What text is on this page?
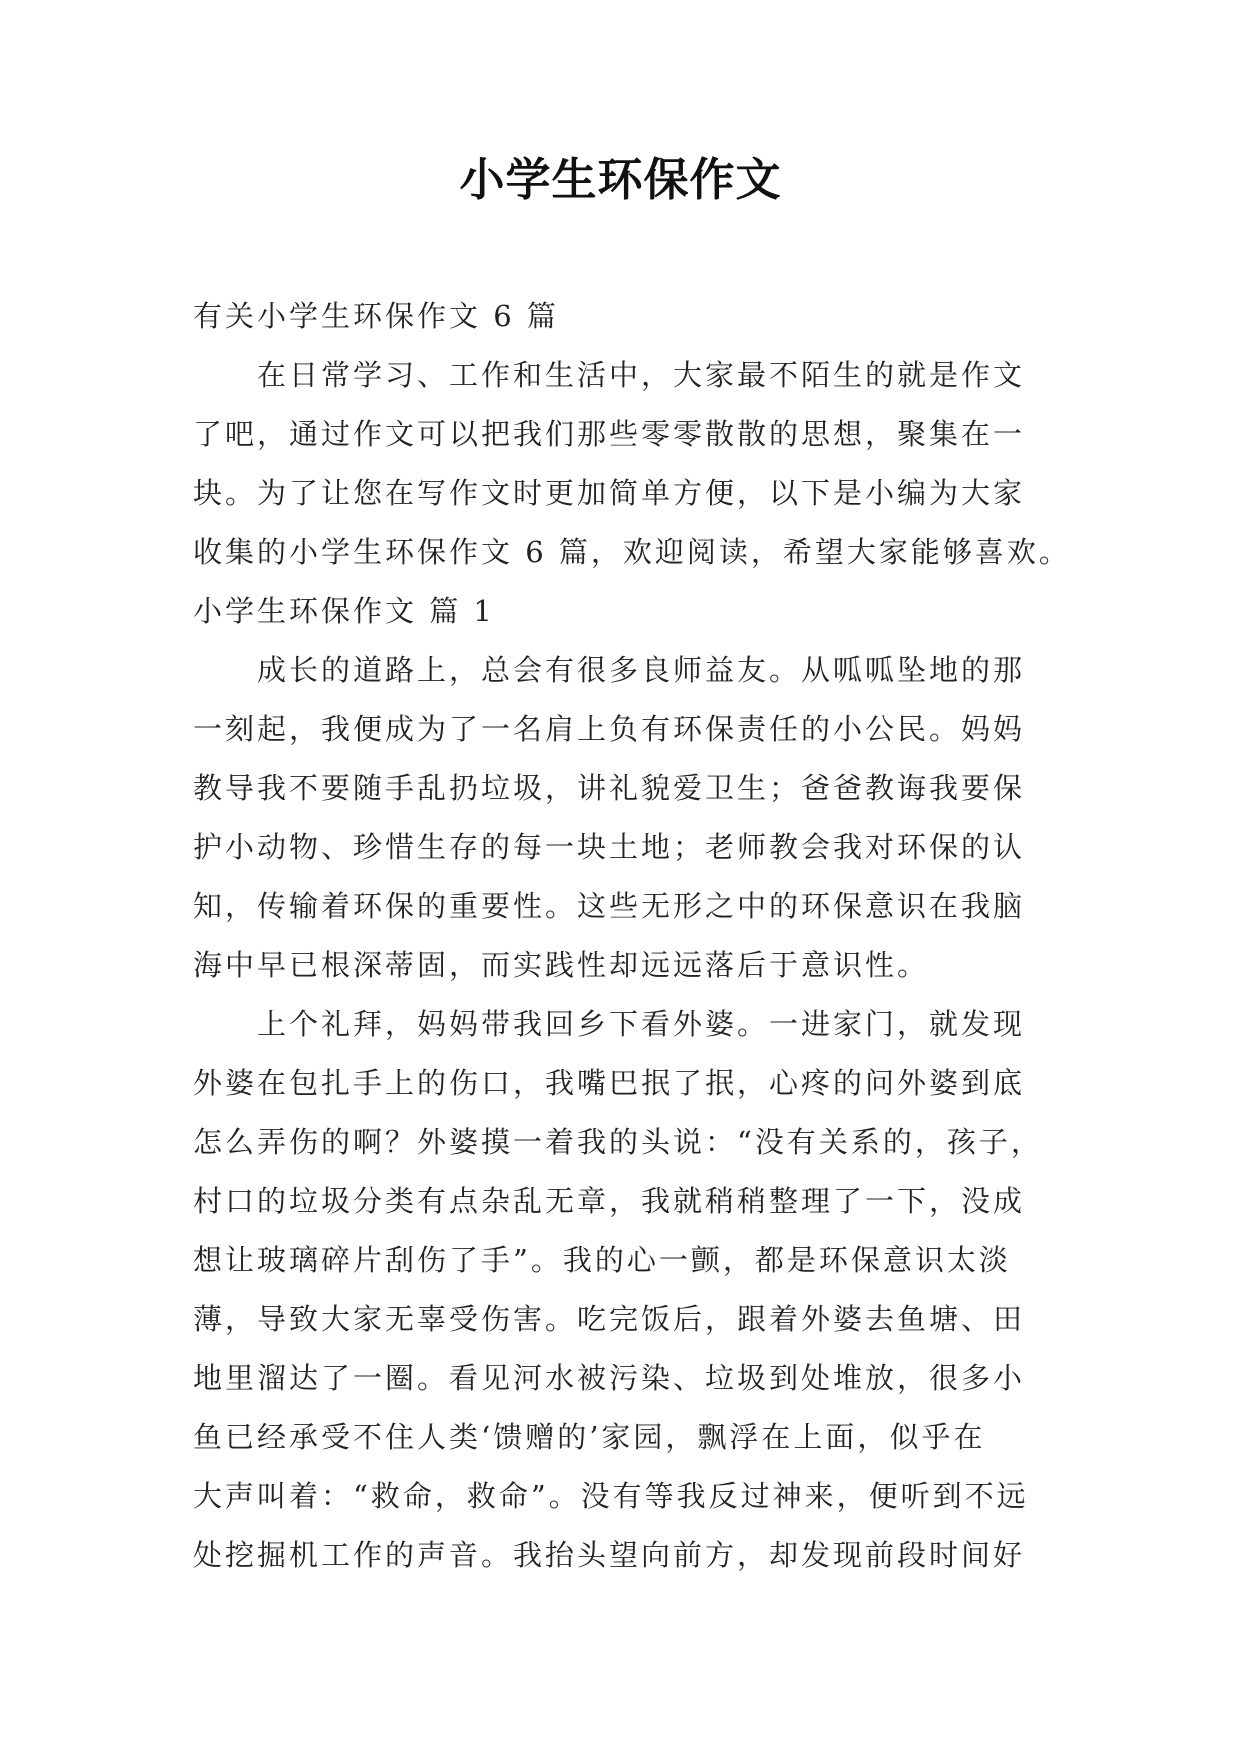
小学生环保作文
有关小学生环保作文 6 篇
在日常学习、工作和生活中，大家最不陌生的就是作文
了吧，通过作文可以把我们那些零零散散的思想，聚集在一
块。为了让您在写作文时更加简单方便，以下是小编为大家
收集的小学生环保作文 6 篇，欢迎阅读，希望大家能够喜欢。
小学生环保作文 篇 1
成长的道路上，总会有很多良师益友。从呱呱坠地的那
一刻起，我便成为了一名肩上负有环保责任的小公民。妈妈
教导我不要随手乱扔垃圾，讲礼貌爱卫生；爸爸教诲我要保
护小动物、珍惜生存的每一块土地；老师教会我对环保的认
知，传输着环保的重要性。这些无形之中的环保意识在我脑
海中早已根深蒂固，而实践性却远远落后于意识性。
上个礼拜，妈妈带我回乡下看外婆。一进家门，就发现
外婆在包扎手上的伤口，我嘴巴抿了抿，心疼的问外婆到底
怎么弄伤的啊？外婆摸一着我的头说：“没有关系的，孩子，
村口的垃圾分类有点杂乱无章，我就稍稍整理了一下，没成
想让玻璃碎片刮伤了手”。我的心一颤，都是环保意识太淡
薄，导致大家无辜受伤害。吃完饭后，跟着外婆去鱼塘、田
地里溜达了一圈。看见河水被污染、垃圾到处堆放，很多小
鱼已经承受不住人类‘馈赠的’家园，飘浮在上面，似乎在
大声叫着：“救命，救命”。没有等我反过神来，便听到不远
处挖掘机工作的声音。我抬头望向前方，却发现前段时间好
